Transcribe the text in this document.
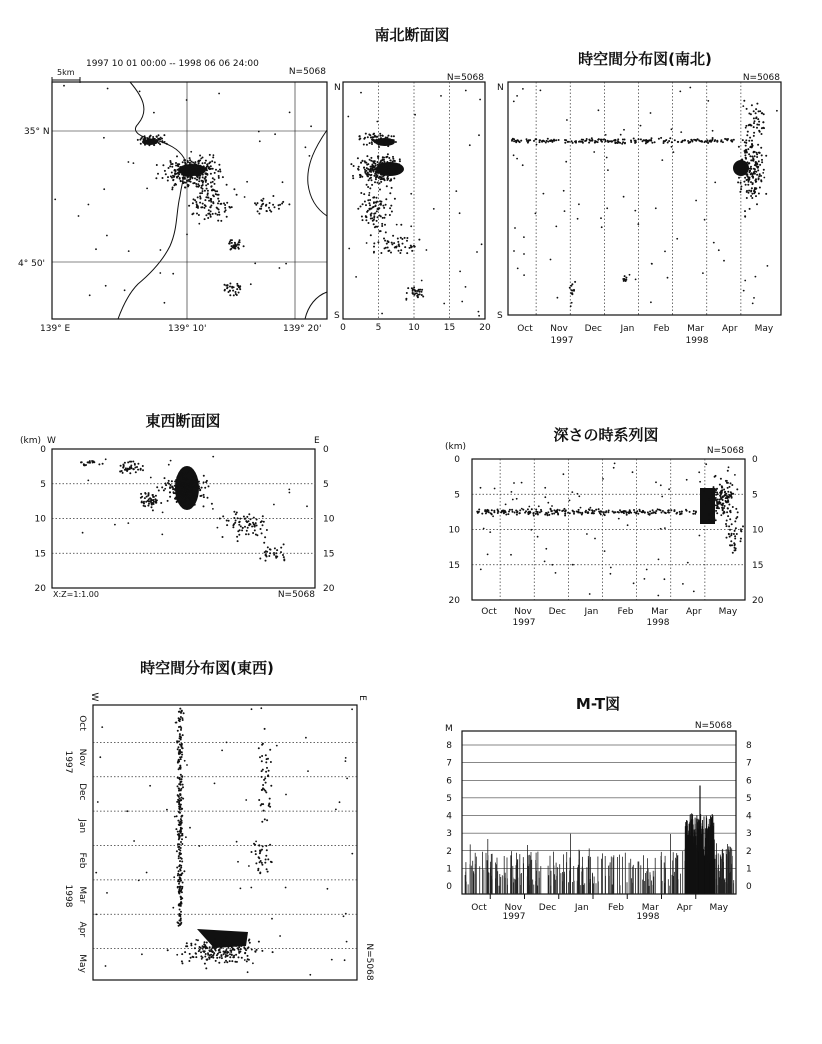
1997 10 01 00:00 -- 1998 06 06 24:00
N=5068
5km
35° N
4° 50'
139° E	139° 10'	139° 20'
南北断面図
N=5068
N
S
0	5	10	15	20
時空間分布図(南北)
N=5068
N
S
Oct Nov Dec Jan Feb Mar Apr May
1997	1998
東西断面図
(km) W	E
0	0
5	5
10	10
15	15
20	20
X:Z=1:1.00	N=5068
深さの時系列図
(km)	N=5068
0	0
5	5
10	10
15	15
20	20
Oct Nov Dec Jan Feb Mar Apr May
1997	1998
時空間分布図(東西)
W	E
Oct
Nov
Dec
Jan
Feb
Mar
Apr
May
1997
1998
N=5068
M-T図
M	N=5068
0	0
1	1
2	2
3	3
4	4
5	5
6	6
7	7
8	8
Oct Nov Dec Jan Feb Mar Apr May
1997	1998
